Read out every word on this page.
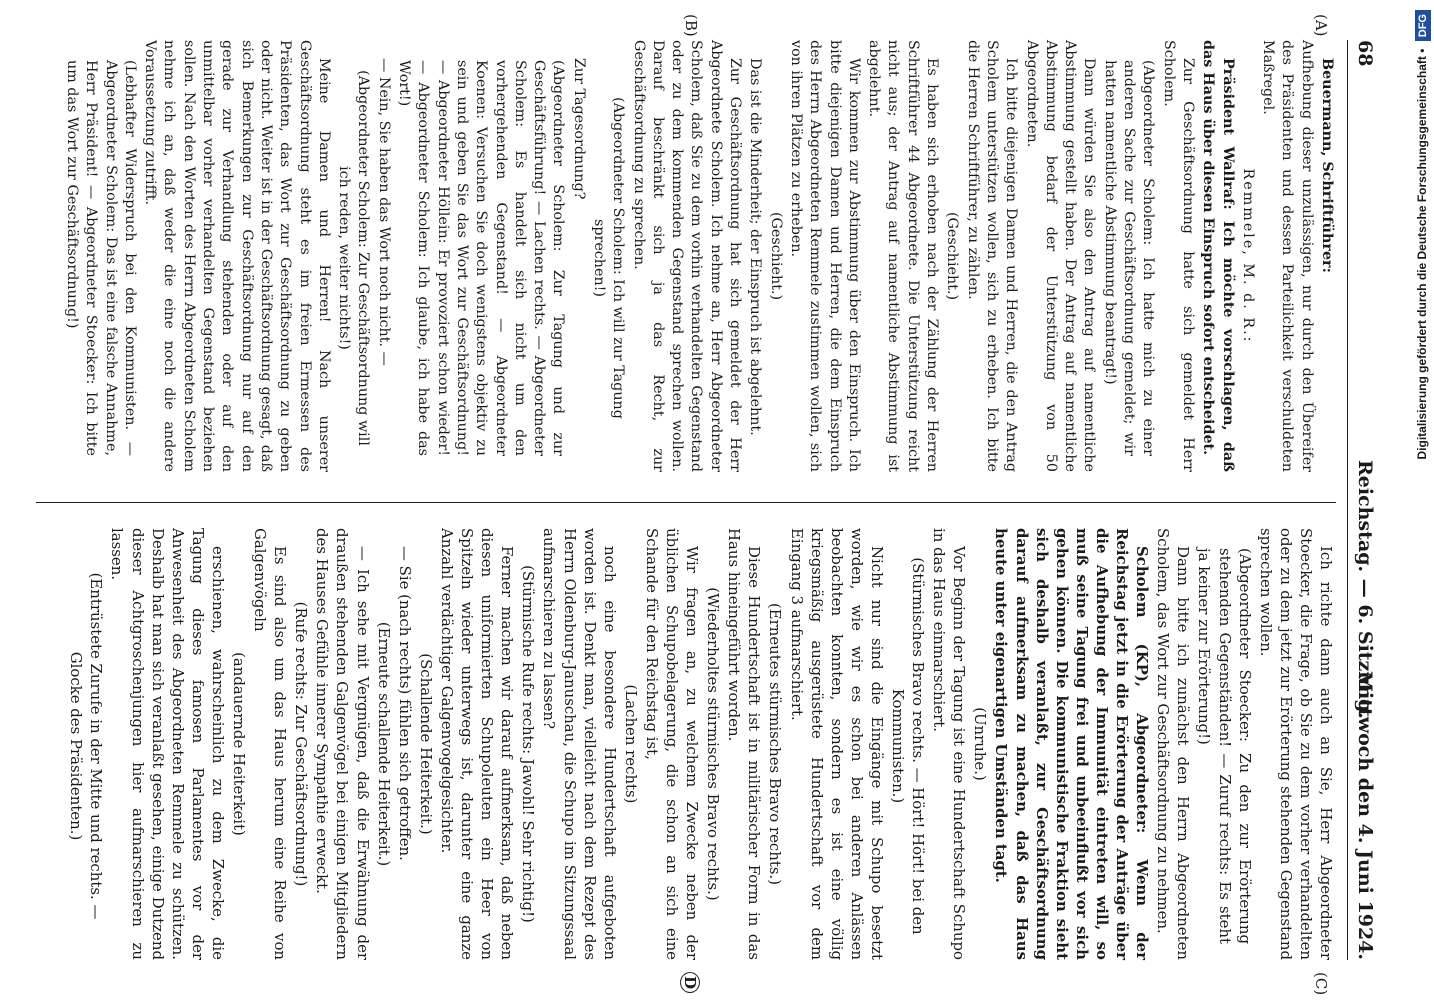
68
Reichstag. — 6. Sitzung.
Mittwoch den 4. Juni 1924.
(A)
(B)
(C)
D

Beuermann, Schriftführer:

Aufhebung dieser unzulässigen, nur durch den Übereifer des Präsidenten und dessen Parteilichkeit verschuldeten Maßregel.

Remmele, M. d. R.:

Präsident Wallraf: Ich möchte vorschlagen, daß das Haus über diesen Einspruch sofort entscheidet.

Zur Geschäftsordnung hatte sich gemeldet Herr Scholem.

(Abgeordneter Scholem: Ich hatte mich zu einer anderen Sache zur Geschäftsordnung gemeldet; wir hatten namentliche Abstimmung beantragt!)

Dann würden Sie also den Antrag auf namentliche Abstimmung gestellt haben. Der Antrag auf namentliche Abstimmung bedarf der Unterstützung von 50 Abgeordneten.

Ich bitte diejenigen Damen und Herren, die den Antrag Scholem unterstützen wollen, sich zu erheben. Ich bitte die Herren Schriftführer, zu zählen.

(Geschieht.)

Es haben sich erhoben nach der Zählung der Herren Schriftführer 44 Abgeordnete. Die Unterstützung reicht nicht aus; der Antrag auf namentliche Abstimmung ist abgelehnt.

Wir kommen zur Abstimmung über den Einspruch. Ich bitte diejenigen Damen und Herren, die dem Einspruch des Herrn Abgeordneten Remmele zustimmen wollen, sich von ihren Plätzen zu erheben.

(Geschieht.)

Das ist die Minderheit; der Einspruch ist abgelehnt.

Zur Geschäftsordnung hat sich gemeldet der Herr Abgeordnete Scholem. Ich nehme an, Herr Abgeordneter Scholem, daß Sie zu dem vorhin verhandelten Gegenstand oder zu dem kommenden Gegenstand sprechen wollen. Darauf beschränkt sich ja das Recht, zur Geschäftsordnung zu sprechen.

(Abgeordneter Scholem: Ich will zur Tagung sprechen!)

Zur Tagesordnung?

(Abgeordneter Scholem: Zur Tagung und zur Geschäftsführung! — Lachen rechts. — Abgeordneter Scholem: Es handelt sich nicht um den vorhergehenden Gegenstand! — Abgeordneter Koenen: Versuchen Sie doch wenigstens objektiv zu sein und geben Sie das Wort zur Geschäftsordnung! — Abgeordneter Höllein: Er provoziert schon wieder! — Abgeordneter Scholem: Ich glaube, ich habe das Wort!)

— Nein, Sie haben das Wort noch nicht. —

(Abgeordneter Scholem: Zur Geschäftsordnung will ich reden, weiter nichts!)

Meine Damen und Herren! Nach unserer Geschäftsordnung steht es im freien Ermessen des Präsidenten, das Wort zur Geschäftsordnung zu geben oder nicht. Weiter ist in der Geschäftsordnung gesagt, daß sich Bemerkungen zur Geschäftsordnung nur auf den gerade zur Verhandlung stehenden oder auf den unmittelbar vorher verhandelten Gegenstand beziehen sollen. Nach den Worten des Herrn Abgeordneten Scholem nehme ich an, daß weder die eine noch die andere Voraussetzung zutrifft.

(Lebhafter Widerspruch bei den Kommunisten. — Abgeordneter Scholem: Das ist eine falsche Annahme, Herr Präsident! — Abgeordneter Stoecker: Ich bitte um das Wort zur Geschäftsordnung!)

Ich richte dann auch an Sie, Herr Abgeordneter Stoecker, die Frage, ob Sie zu dem vorher verhandelten oder zu dem jetzt zur Erörterung stehenden Gegenstand sprechen wollen.

(Abgeordneter Stoecker: Zu den zur Erörterung stehenden Gegenständen! — Zuruf rechts: Es steht ja keiner zur Erörterung!)

Dann bitte ich zunächst den Herrn Abgeordneten Scholem, das Wort zur Geschäftsordnung zu nehmen.

Scholem (KP), Abgeordneter: Wenn der Reichstag jetzt in die Erörterung der Anträge über die Aufhebung der Immunität eintreten will, so muß seine Tagung frei und unbeeinflußt vor sich gehen können. Die kommunistische Fraktion sieht sich deshalb veranlaßt, zur Geschäftsordnung darauf aufmerksam zu machen, daß das Haus heute unter eigenartigen Umständen tagt.

(Unruhe.)

Vor Beginn der Tagung ist eine Hundertschaft Schupo in das Haus einmarschiert.

(Stürmisches Bravo rechts. — Hört! Hört! bei den Kommunisten.)

Nicht nur sind die Eingänge mit Schupo besetzt worden, wie wir es schon bei anderen Anlässen beobachten konnten, sondern es ist eine völlig kriegsmäßig ausgerüstete Hundertschaft vor dem Eingang 3 aufmarschiert.

(Erneutes stürmisches Bravo rechts.)

Diese Hundertschaft ist in militärischer Form in das Haus hineingeführt worden.

(Wiederholtes stürmisches Bravo rechts.)

Wir fragen an, zu welchem Zwecke neben der üblichen Schupobelagerung, die schon an sich eine Schande für den Reichstag ist,

(Lachen rechts)

noch eine besondere Hundertschaft aufgeboten worden ist. Denkt man, vielleicht nach dem Rezept des Herrn Oldenburg-Januschau, die Schupo im Sitzungssaal aufmarschieren zu lassen?

(Stürmische Rufe rechts: Jawohl! Sehr richtig!)

Ferner machen wir darauf aufmerksam, daß neben diesen uniformierten Schupoleuten ein Heer von Spitzeln wieder unterwegs ist, darunter eine ganze Anzahl verdächtiger Galgenvogelgesichter.

(Schallende Heiterkeit.)

— Sie (nach rechts) fühlen sich getroffen.

(Erneute schallende Heiterkeit.)

— Ich sehe mit Vergnügen, daß die Erwähnung der draußen stehenden Galgenvögel bei einigen Mitgliedern des Hauses Gefühle innerer Sympathie erweckt.

(Rufe rechts: Zur Geschäftsordnung!)

Es sind also um das Haus herum eine Reihe von Galgenvögeln

(andauernde Heiterkeit)

erschienen, wahrscheinlich zu dem Zwecke, die Tagung dieses famosen Parlamentes vor der Anwesenheit des Abgeordneten Remmele zu schützen. Deshalb hat man sich veranlaßt gesehen, einige Dutzend dieser Achtgroschenjungen hier aufmarschieren zu lassen.

(Entrüstete Zurufe in der Mitte und rechts. — Glocke des Präsidenten.)

Digitalisierung gefördert durch die Deutsche Forschungsgemeinschaft • DFG
